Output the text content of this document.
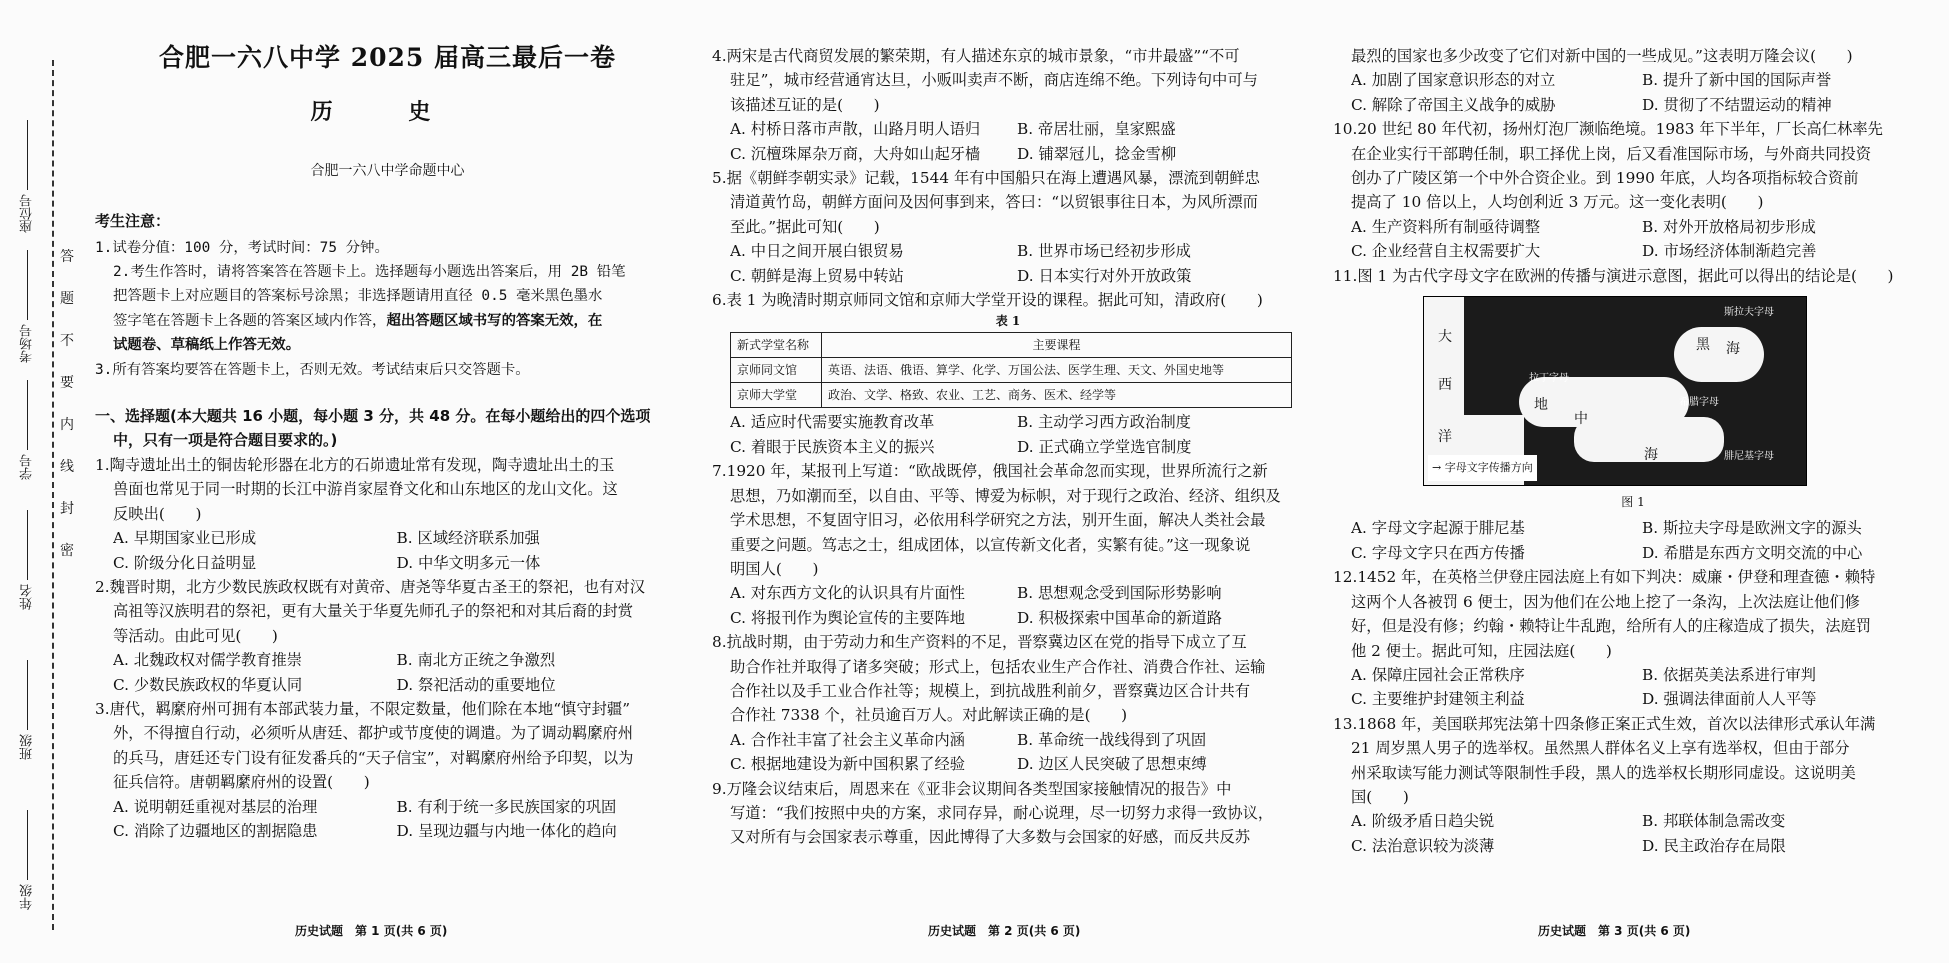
座位号
考场号
学号
姓名
班级
年级
答
题
不
要
内
线
封
密

合肥一六八中学 2025 届高三最后一卷

历 史

合肥一六八中学命题中心

考生注意：

1.试卷分值：100 分，考试时间：75 分钟。

2.考生作答时，请将答案答在答题卡上。选择题每小题选出答案后，用 2B 铅笔

把答题卡上对应题目的答案标号涂黑；非选择题请用直径 0.5 毫米黑色墨水

签字笔在答题卡上各题的答案区域内作答，超出答题区域书写的答案无效，在

试题卷、草稿纸上作答无效。

3.所有答案均要答在答题卡上，否则无效。考试结束后只交答题卡。

一、选择题(本大题共 16 小题，每小题 3 分，共 48 分。在每小题给出的四个选项

中，只有一项是符合题目要求的。)

1.陶寺遗址出土的铜齿轮形器在北方的石峁遗址常有发现，陶寺遗址出土的玉

兽面也常见于同一时期的长江中游肖家屋脊文化和山东地区的龙山文化。这

反映出(　　)

A. 早期国家业已形成	B. 区域经济联系加强
C. 阶级分化日益明显	D. 中华文明多元一体

2.魏晋时期，北方少数民族政权既有对黄帝、唐尧等华夏古圣王的祭祀，也有对汉

高祖等汉族明君的祭祀，更有大量关于华夏先师孔子的祭祀和对其后裔的封赏

等活动。由此可见(　　)

A. 北魏政权对儒学教育推崇	B. 南北方正统之争激烈
C. 少数民族政权的华夏认同	D. 祭祀活动的重要地位

3.唐代，羁縻府州可拥有本部武装力量，不限定数量，他们除在本地“慎守封疆”

外，不得擅自行动，必须听从唐廷、都护或节度使的调遣。为了调动羁縻府州

的兵马，唐廷还专门设有征发番兵的“天子信宝”，对羁縻府州给予印契，以为

征兵信符。唐朝羁縻府州的设置(　　)

A. 说明朝廷重视对基层的治理	B. 有利于统一多民族国家的巩固
C. 消除了边疆地区的割据隐患	D. 呈现边疆与内地一体化的趋向
历史试题　第 1 页(共 6 页)

4.两宋是古代商贸发展的繁荣期，有人描述东京的城市景象，“市井最盛”“不可

驻足”，城市经营通宵达旦，小贩叫卖声不断，商店连绵不绝。下列诗句中可与

该描述互证的是(　　)

A. 村桥日落市声散，山路月明人语归	B. 帝居壮丽，皇家熙盛
C. 沉檀珠犀杂万商，大舟如山起牙樯	D. 铺翠冠儿，捻金雪柳

5.据《朝鲜李朝实录》记载，1544 年有中国船只在海上遭遇风暴，漂流到朝鲜忠

清道黄竹岛，朝鲜方面问及因何事到来，答曰：“以贸银事往日本，为风所漂而

至此。”据此可知(　　)

A. 中日之间开展白银贸易	B. 世界市场已经初步形成
C. 朝鲜是海上贸易中转站	D. 日本实行对外开放政策

6.表 1 为晚清时期京师同文馆和京师大学堂开设的课程。据此可知，清政府(　　)

表 1

新式学堂名称	主要课程
京师同文馆	英语、法语、俄语、算学、化学、万国公法、医学生理、天文、外国史地等
京师大学堂	政治、文学、格致、农业、工艺、商务、医术、经学等
A. 适应时代需要实施教育改革	B. 主动学习西方政治制度
C. 着眼于民族资本主义的振兴	D. 正式确立学堂选官制度

7.1920 年，某报刊上写道：“欧战既停，俄国社会革命忽而实现，世界所流行之新

思想，乃如潮而至，以自由、平等、博爱为标帜，对于现行之政治、经济、组织及

学术思想，不复固守旧习，必依用科学研究之方法，别开生面，解决人类社会最

重要之问题。笃志之士，组成团体，以宣传新文化者，实繁有徒。”这一现象说

明国人(　　)

A. 对东西方文化的认识具有片面性	B. 思想观念受到国际形势影响
C. 将报刊作为舆论宣传的主要阵地	D. 积极探索中国革命的新道路

8.抗战时期，由于劳动力和生产资料的不足，晋察冀边区在党的指导下成立了互

助合作社并取得了诸多突破；形式上，包括农业生产合作社、消费合作社、运输

合作社以及手工业合作社等；规模上，到抗战胜利前夕，晋察冀边区合计共有

合作社 7338 个，社员逾百万人。对此解读正确的是(　　)

A. 合作社丰富了社会主义革命内涵	B. 革命统一战线得到了巩固
C. 根据地建设为新中国积累了经验	D. 边区人民突破了思想束缚

9.万隆会议结束后，周恩来在《亚非会议期间各类型国家接触情况的报告》中

写道：“我们按照中央的方案，求同存异，耐心说理，尽一切努力求得一致协议，

又对所有与会国家表示尊重，因此博得了大多数与会国家的好感，而反共反苏

历史试题　第 2 页(共 6 页)

最烈的国家也多少改变了它们对新中国的一些成见。”这表明万隆会议(　　)

A. 加剧了国家意识形态的对立	B. 提升了新中国的国际声誉
C. 解除了帝国主义战争的威胁	D. 贯彻了不结盟运动的精神

10.20 世纪 80 年代初，扬州灯泡厂濒临绝境。1983 年下半年，厂长高仁林率先

在企业实行干部聘任制，职工择优上岗，后又看准国际市场，与外商共同投资

创办了广陵区第一个中外合资企业。到 1990 年底，人均各项指标较合资前

提高了 10 倍以上，人均创利近 3 万元。这一变化表明(　　)

A. 生产资料所有制亟待调整	B. 对外开放格局初步形成
C. 企业经营自主权需要扩大	D. 市场经济体制渐趋完善

11.图 1 为古代字母文字在欧洲的传播与演进示意图，据此可以得出的结论是(　　)

大
西
洋
地
中
海
黑 海
斯拉夫字母
拉丁字母
希腊字母
腓尼基字母
→ 字母文字传播方向

图 1

A. 字母文字起源于腓尼基	B. 斯拉夫字母是欧洲文字的源头
C. 字母文字只在西方传播	D. 希腊是东西方文明交流的中心

12.1452 年，在英格兰伊登庄园法庭上有如下判决：威廉・伊登和理查德・赖特

这两个人各被罚 6 便士，因为他们在公地上挖了一条沟，上次法庭让他们修

好，但是没有修；约翰・赖特让牛乱跑，给所有人的庄稼造成了损失，法庭罚

他 2 便士。据此可知，庄园法庭(　　)

A. 保障庄园社会正常秩序	B. 依据英美法系进行审判
C. 主要维护封建领主利益	D. 强调法律面前人人平等

13.1868 年，美国联邦宪法第十四条修正案正式生效，首次以法律形式承认年满

21 周岁黑人男子的选举权。虽然黑人群体名义上享有选举权，但由于部分

州采取读写能力测试等限制性手段，黑人的选举权长期形同虚设。这说明美

国(　　)

A. 阶级矛盾日趋尖锐	B. 邦联体制急需改变
C. 法治意识较为淡薄	D. 民主政治存在局限
历史试题　第 3 页(共 6 页)
